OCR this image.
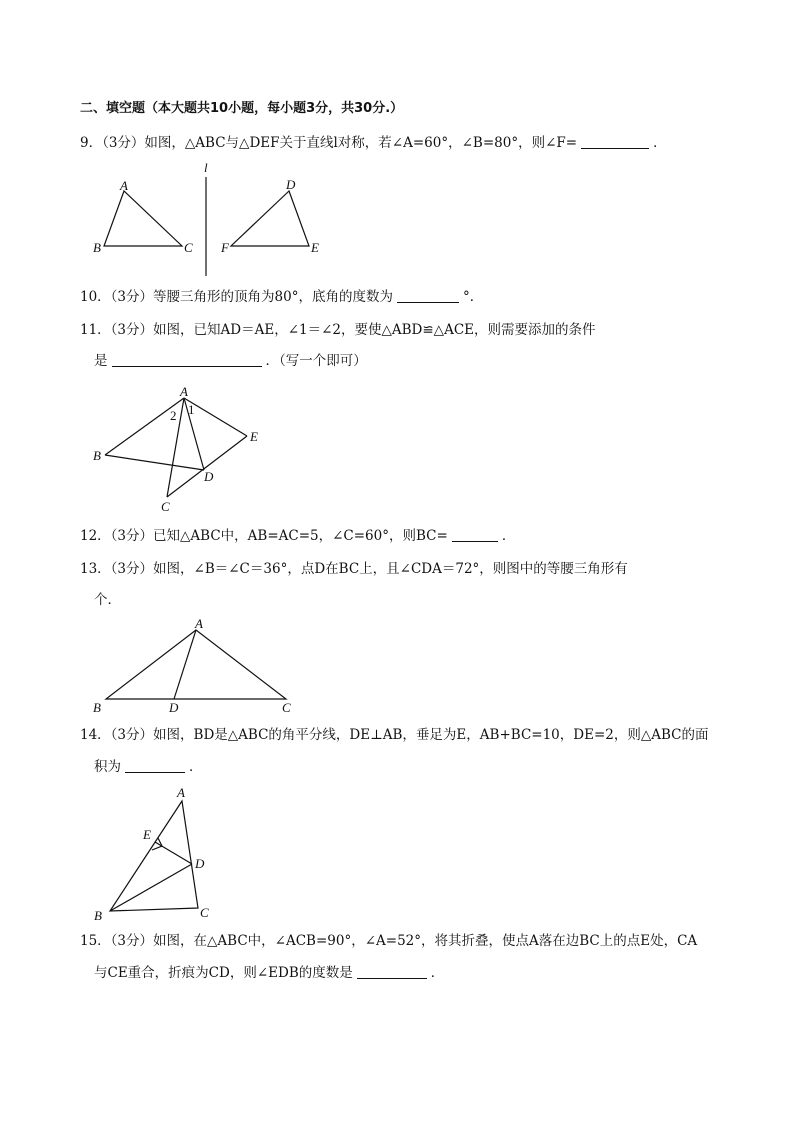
二、填空题（本大题共10小题，每小题3分，共30分.）
9．（3分）如图，△ABC与△DEF关于直线l对称，若∠A=60°，∠B=80°，则∠F=	．
A
B	C
D
E
F
l
10．（3分）等腰三角形的顶角为80°，底角的度数为	°．
11．（3分）如图，已知AD＝AE，∠1＝∠2，要使△ABD≌△ACE，则需要添加的条件
是	．（写一个即可）
A
B
C
D
E
1
2
12．（3分）已知△ABC中，AB=AC=5，∠C=60°，则BC=	．
13．（3分）如图，∠B＝∠C＝36°，点D在BC上，且∠CDA＝72°，则图中的等腰三角形有
个．
A
B	C
D
14．（3分）如图，BD是△ABC的角平分线，DE⊥AB，垂足为E，AB+BC=10，DE=2，则△ABC的面
积为	．
A
B	C
D
E
15．（3分）如图，在△ABC中，∠ACB=90°，∠A=52°，将其折叠，使点A落在边BC上的点E处，CA
与CE重合，折痕为CD，则∠EDB的度数是	．
